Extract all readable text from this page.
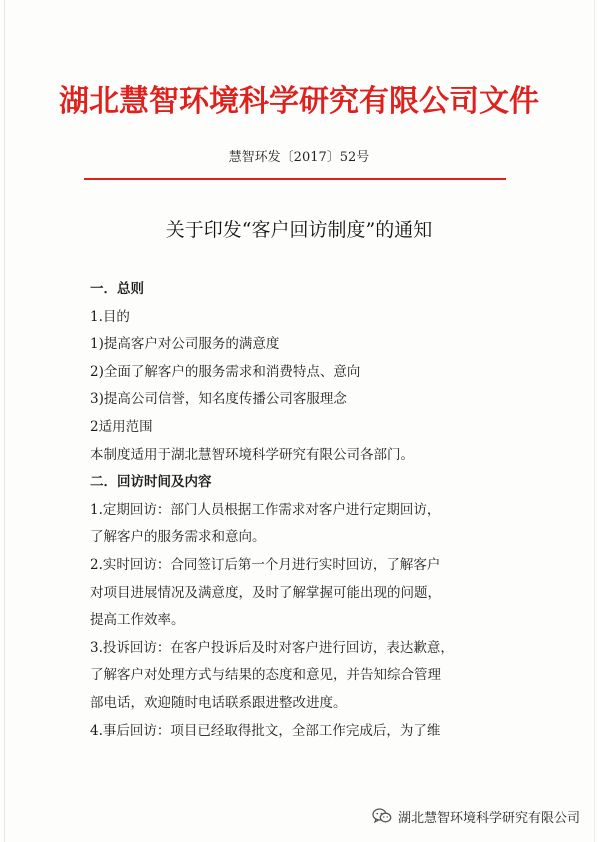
湖北慧智环境科学研究有限公司文件
慧智环发〔2017〕52号
关于印发“客户回访制度”的通知
一．总则
1.目的
1)提高客户对公司服务的满意度
2)全面了解客户的服务需求和消费特点、意向
3)提高公司信誉，知名度传播公司客服理念
2适用范围
本制度适用于湖北慧智环境科学研究有限公司各部门。
二．回访时间及内容
1.定期回访：部门人员根据工作需求对客户进行定期回访，
了解客户的服务需求和意向。
2.实时回访：合同签订后第一个月进行实时回访，了解客户
对项目进展情况及满意度，及时了解掌握可能出现的问题，
提高工作效率。
3.投诉回访：在客户投诉后及时对客户进行回访，表达歉意，
了解客户对处理方式与结果的态度和意见，并告知综合管理
部电话，欢迎随时电话联系跟进整改进度。
4.事后回访：项目已经取得批文，全部工作完成后，为了维
湖北慧智环境科学研究有限公司
